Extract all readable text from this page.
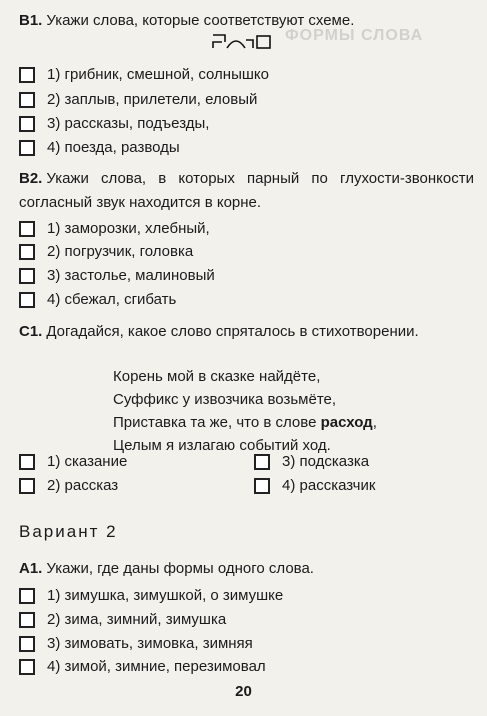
ФОРМЫ СЛОВА

В1. Укажи слова, которые соответствуют схеме.
1) грибник, смешной, солнышко
2) заплыв, прилетели, еловый
3) рассказы, подъезды,
4) поезда, разводы
В2. Укажи слова, в которых парный по глухости-звонкости согласный звук находится в корне.
1) заморозки, хлебный,
2) погрузчик, головка
3) застолье, малиновый
4) сбежал, сгибать
С1. Догадайся, какое слово спряталось в стихотворении.
Корень мой в сказке найдёте,
Суффикс у извозчика возьмёте,
Приставка та же, что в слове расход,
Целым я излагаю событий ход.
1) сказание
2) рассказ
3) подсказка
4) рассказчик
Вариант 2
А1. Укажи, где даны формы одного слова.
1) зимушка, зимушкой, о зимушке
2) зима, зимний, зимушка
3) зимовать, зимовка, зимняя
4) зимой, зимние, перезимовал
20
